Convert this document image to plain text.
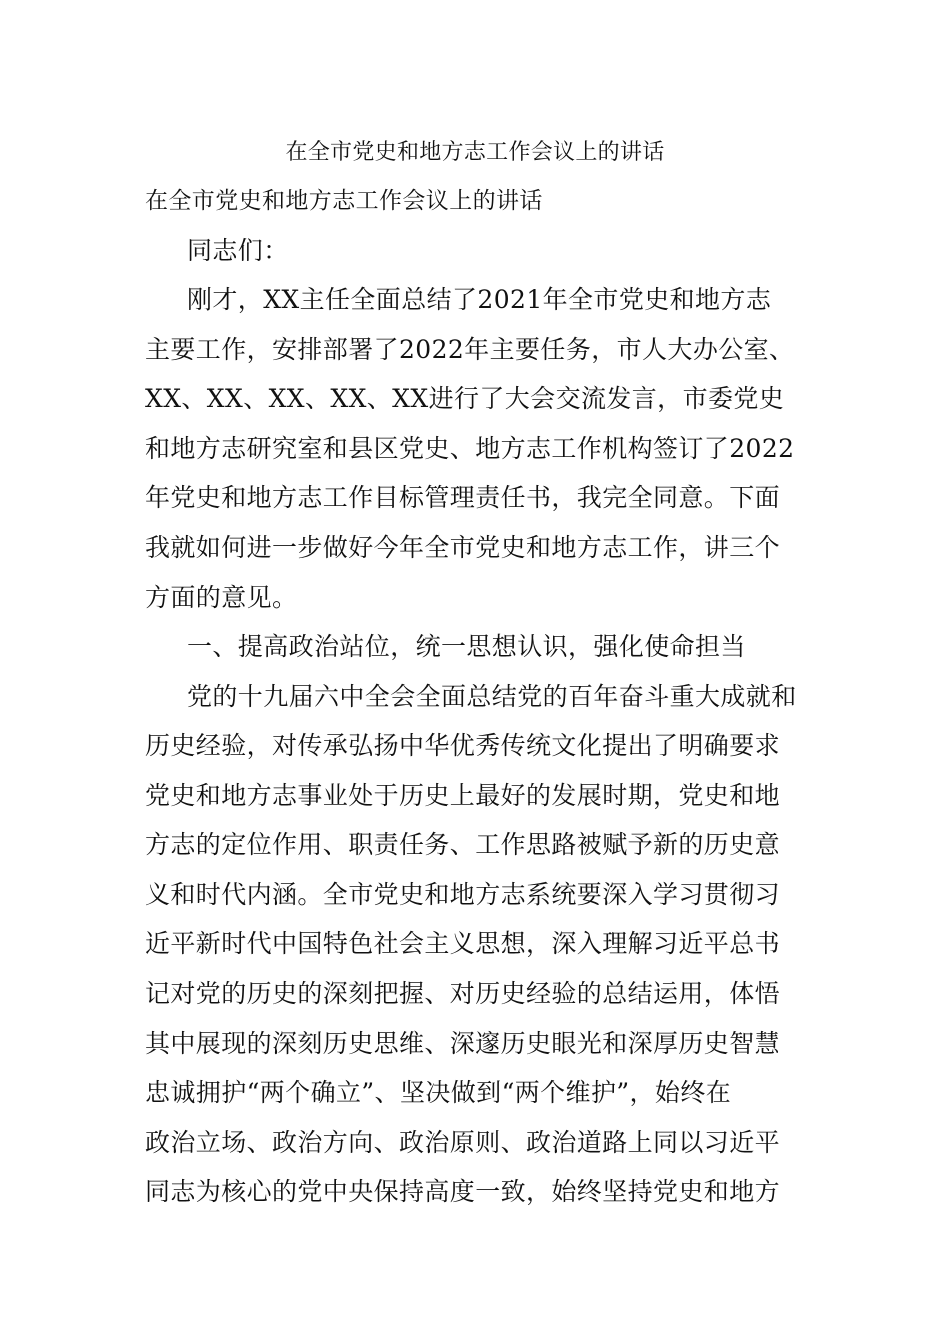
在全市党史和地方志工作会议上的讲话
在全市党史和地方志工作会议上的讲话
同志们：
刚才，XX主任全面总结了2021年全市党史和地方志
主要工作，安排部署了2022年主要任务，市人大办公室、
XX、XX、XX、XX、XX进行了大会交流发言，市委党史
和地方志研究室和县区党史、地方志工作机构签订了2022
年党史和地方志工作目标管理责任书，我完全同意。下面
我就如何进一步做好今年全市党史和地方志工作，讲三个
方面的意见。
一、提高政治站位，统一思想认识，强化使命担当
党的十九届六中全会全面总结党的百年奋斗重大成就和
历史经验，对传承弘扬中华优秀传统文化提出了明确要求
党史和地方志事业处于历史上最好的发展时期，党史和地
方志的定位作用、职责任务、工作思路被赋予新的历史意
义和时代内涵。全市党史和地方志系统要深入学习贯彻习
近平新时代中国特色社会主义思想，深入理解习近平总书
记对党的历史的深刻把握、对历史经验的总结运用，体悟
其中展现的深刻历史思维、深邃历史眼光和深厚历史智慧
忠诚拥护“两个确立”、坚决做到“两个维护”，始终在
政治立场、政治方向、政治原则、政治道路上同以习近平
同志为核心的党中央保持高度一致，始终坚持党史和地方
